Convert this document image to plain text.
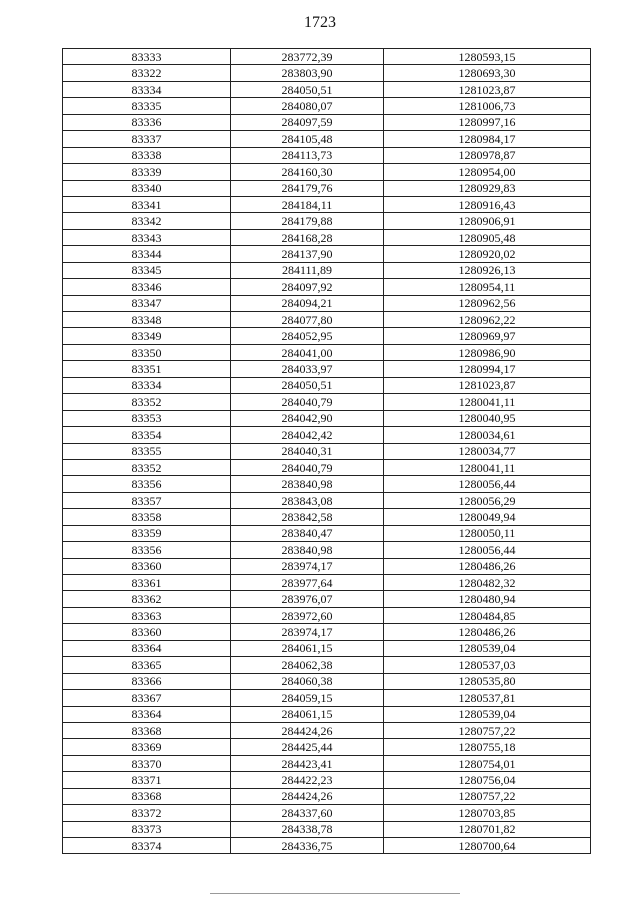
1723
83333	283772,39	1280593,15
83322	283803,90	1280693,30
83334	284050,51	1281023,87
83335	284080,07	1281006,73
83336	284097,59	1280997,16
83337	284105,48	1280984,17
83338	284113,73	1280978,87
83339	284160,30	1280954,00
83340	284179,76	1280929,83
83341	284184,11	1280916,43
83342	284179,88	1280906,91
83343	284168,28	1280905,48
83344	284137,90	1280920,02
83345	284111,89	1280926,13
83346	284097,92	1280954,11
83347	284094,21	1280962,56
83348	284077,80	1280962,22
83349	284052,95	1280969,97
83350	284041,00	1280986,90
83351	284033,97	1280994,17
83334	284050,51	1281023,87
83352	284040,79	1280041,11
83353	284042,90	1280040,95
83354	284042,42	1280034,61
83355	284040,31	1280034,77
83352	284040,79	1280041,11
83356	283840,98	1280056,44
83357	283843,08	1280056,29
83358	283842,58	1280049,94
83359	283840,47	1280050,11
83356	283840,98	1280056,44
83360	283974,17	1280486,26
83361	283977,64	1280482,32
83362	283976,07	1280480,94
83363	283972,60	1280484,85
83360	283974,17	1280486,26
83364	284061,15	1280539,04
83365	284062,38	1280537,03
83366	284060,38	1280535,80
83367	284059,15	1280537,81
83364	284061,15	1280539,04
83368	284424,26	1280757,22
83369	284425,44	1280755,18
83370	284423,41	1280754,01
83371	284422,23	1280756,04
83368	284424,26	1280757,22
83372	284337,60	1280703,85
83373	284338,78	1280701,82
83374	284336,75	1280700,64
